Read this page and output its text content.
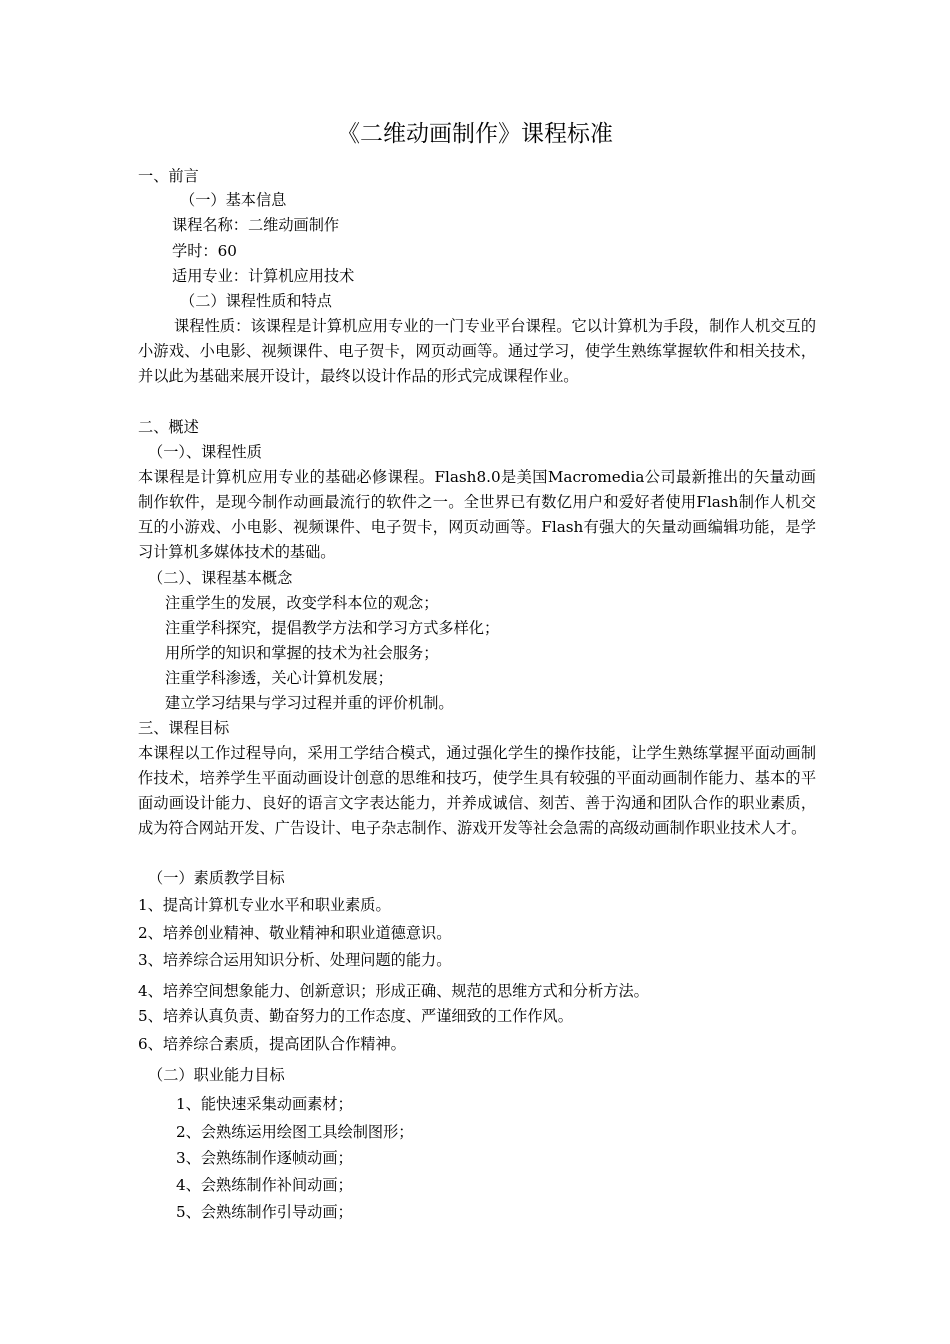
《二维动画制作》课程标准
一、前言
（一）基本信息
课程名称：二维动画制作
学时：60
适用专业：计算机应用技术
（二）课程性质和特点
课程性质：该课程是计算机应用专业的一门专业平台课程。它以计算机为手段，制作人机交互的小游戏、小电影、视频课件、电子贺卡，网页动画等。通过学习，使学生熟练掌握软件和相关技术，并以此为基础来展开设计，最终以设计作品的形式完成课程作业。
二、概述
（一）、课程性质
本课程是计算机应用专业的基础必修课程。Flash8.0是美国Macromedia公司最新推出的矢量动画制作软件，是现今制作动画最流行的软件之一。全世界已有数亿用户和爱好者使用Flash制作人机交互的小游戏、小电影、视频课件、电子贺卡，网页动画等。Flash有强大的矢量动画编辑功能，是学习计算机多媒体技术的基础。
（二）、课程基本概念
注重学生的发展，改变学科本位的观念；
注重学科探究，提倡教学方法和学习方式多样化；
用所学的知识和掌握的技术为社会服务；
注重学科渗透，关心计算机发展；
建立学习结果与学习过程并重的评价机制。
三、课程目标
本课程以工作过程导向，采用工学结合模式，通过强化学生的操作技能，让学生熟练掌握平面动画制作技术，培养学生平面动画设计创意的思维和技巧，使学生具有较强的平面动画制作能力、基本的平面动画设计能力、良好的语言文字表达能力，并养成诚信、刻苦、善于沟通和团队合作的职业素质，成为符合网站开发、广告设计、电子杂志制作、游戏开发等社会急需的高级动画制作职业技术人才。
（一）素质教学目标
1、提高计算机专业水平和职业素质。
2、培养创业精神、敬业精神和职业道德意识。
3、培养综合运用知识分析、处理问题的能力。
4、培养空间想象能力、创新意识；形成正确、规范的思维方式和分析方法。
5、培养认真负责、勤奋努力的工作态度、严谨细致的工作作风。
6、培养综合素质，提高团队合作精神。
（二）职业能力目标
1、能快速采集动画素材；
2、会熟练运用绘图工具绘制图形；
3、会熟练制作逐帧动画；
4、会熟练制作补间动画；
5、会熟练制作引导动画；
